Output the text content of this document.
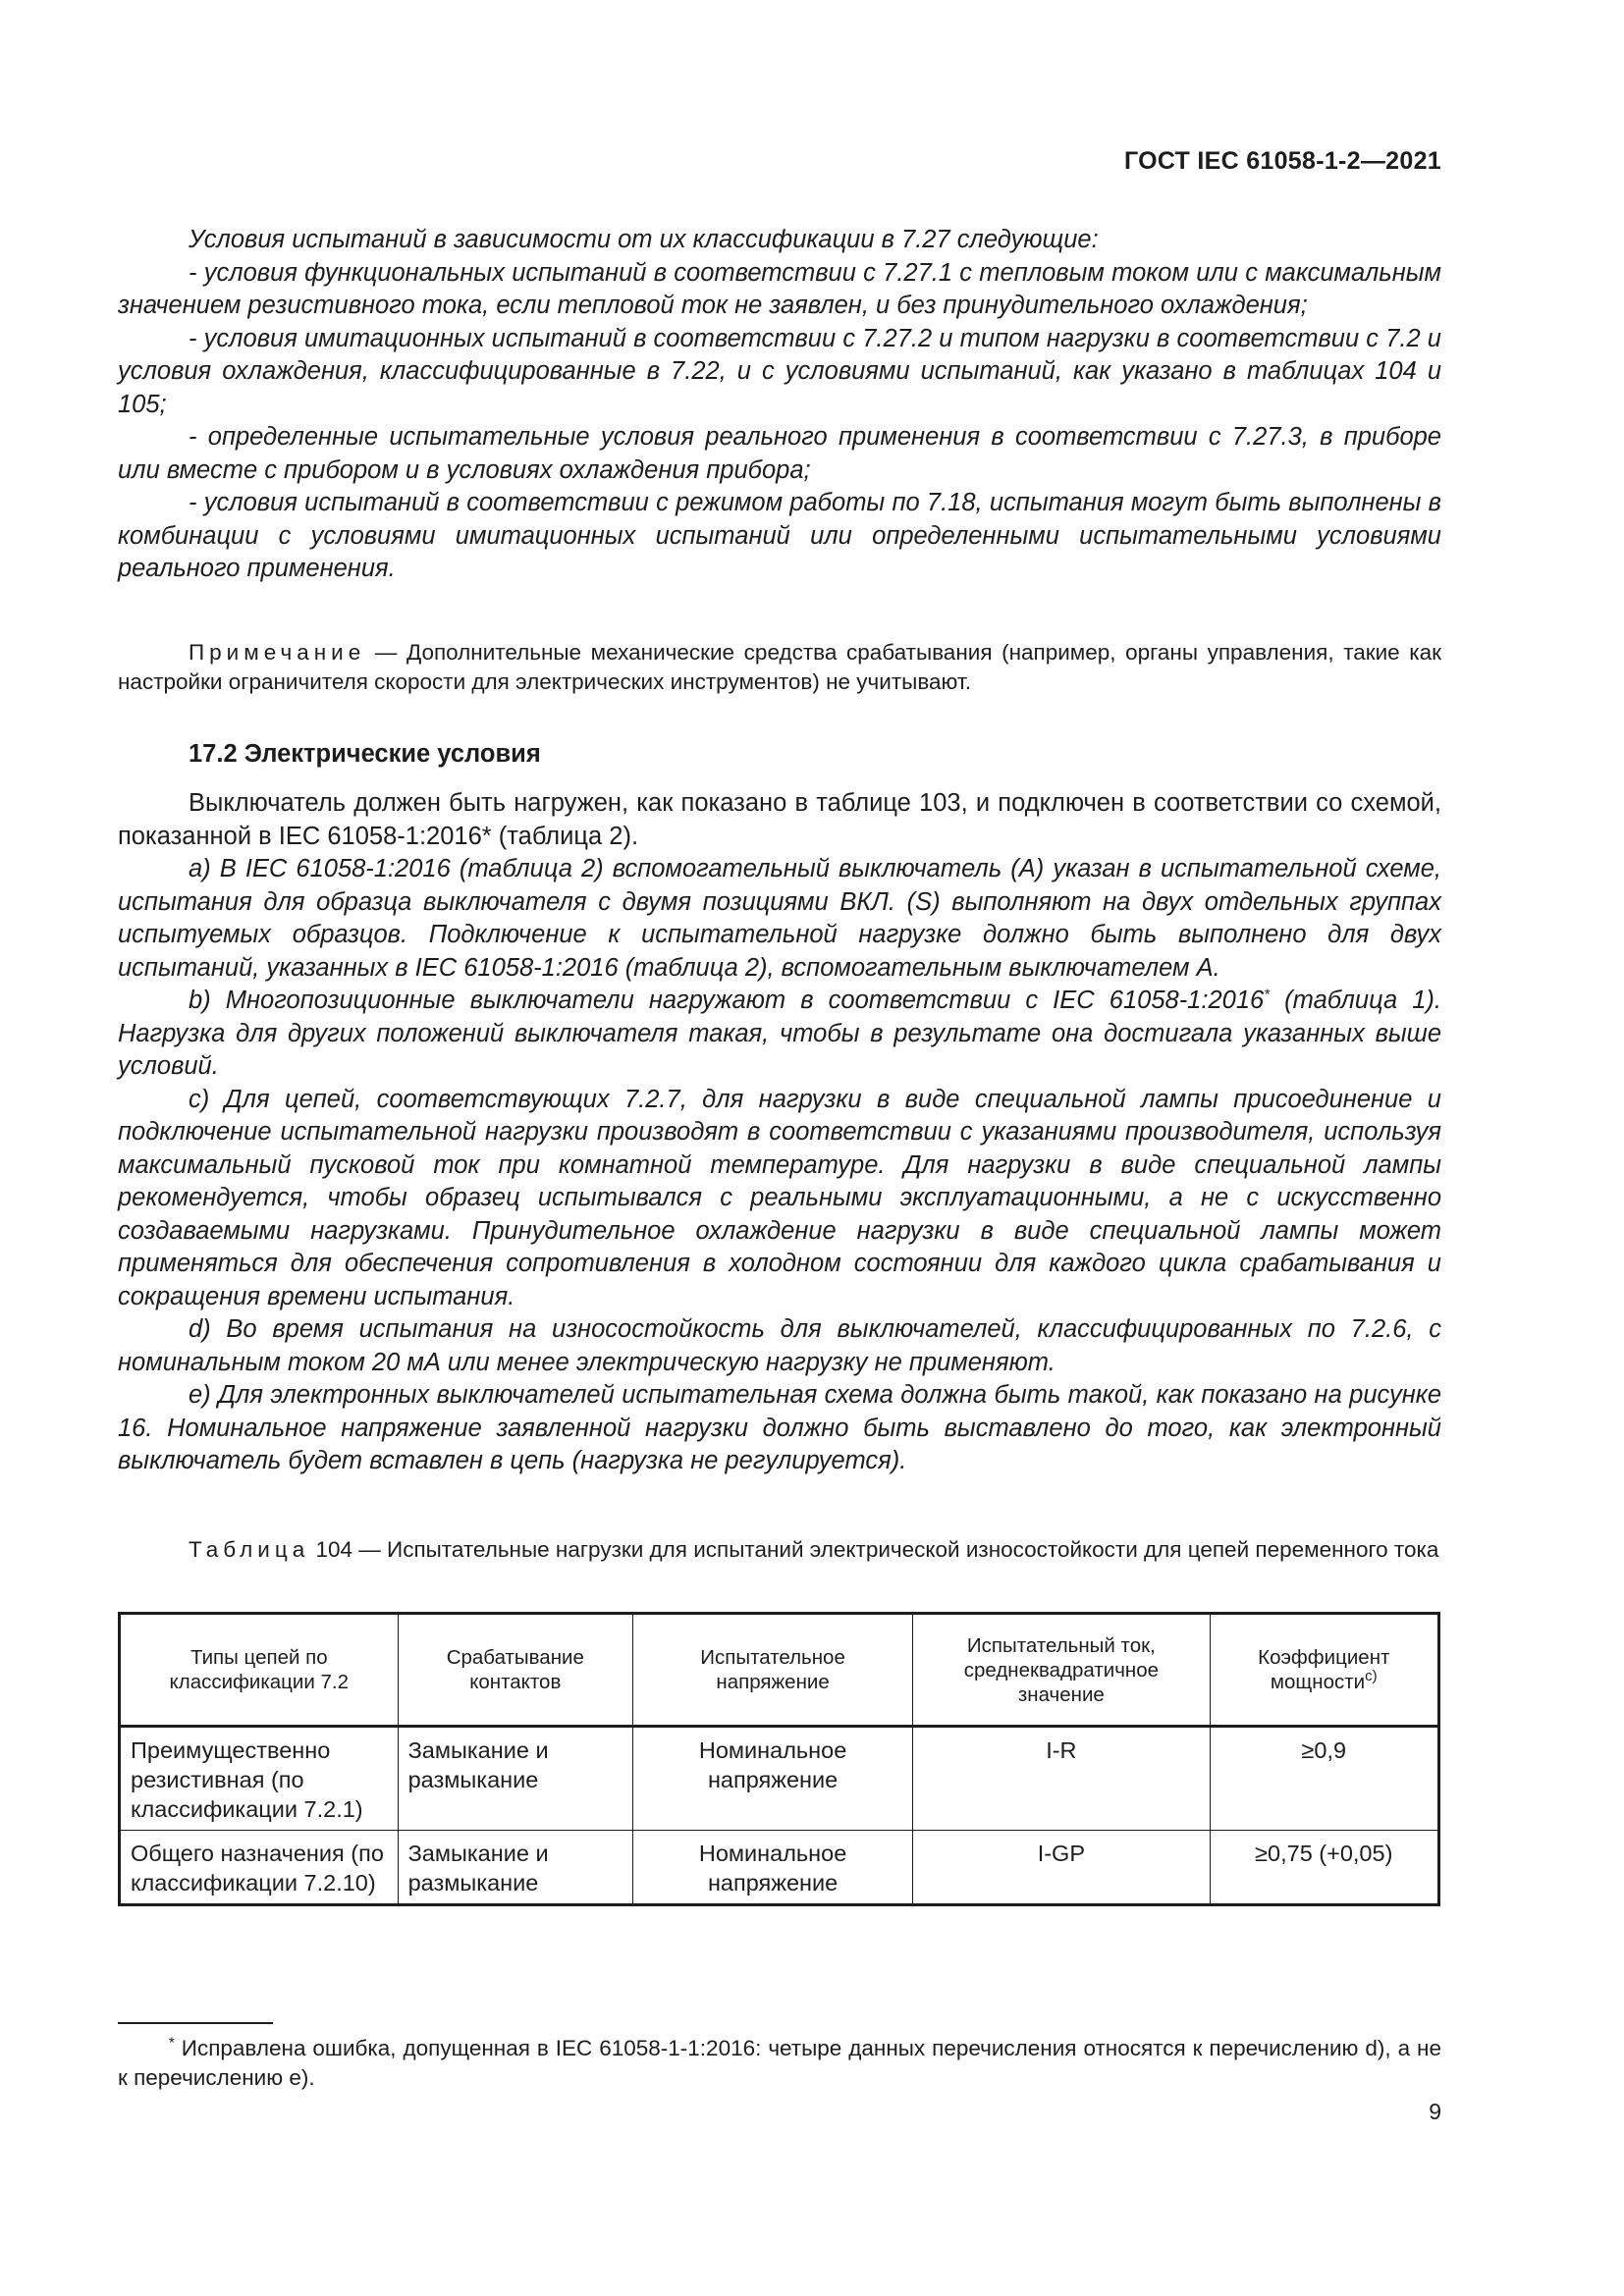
ГОСТ IEC 61058-1-2—2021

Условия испытаний в зависимости от их классификации в 7.27 следующие:

- условия функциональных испытаний в соответствии с 7.27.1 с тепловым током или с максимальным значением резистивного тока, если тепловой ток не заявлен, и без принудительного охлаждения;

- условия имитационных испытаний в соответствии с 7.27.2 и типом нагрузки в соответствии с 7.2 и условия охлаждения, классифицированные в 7.22, и с условиями испытаний, как указано в таблицах 104 и 105;

- определенные испытательные условия реального применения в соответствии с 7.27.3, в приборе или вместе с прибором и в условиях охлаждения прибора;

- условия испытаний в соответствии с режимом работы по 7.18, испытания могут быть выполнены в комбинации с условиями имитационных испытаний или определенными испытательными условиями реального применения.

Примечание — Дополнительные механические средства срабатывания (например, органы управления, такие как настройки ограничителя скорости для электрических инструментов) не учитывают.

17.2 Электрические условия

Выключатель должен быть нагружен, как показано в таблице 103, и подключен в соответствии со схемой, показанной в IEC 61058-1:2016* (таблица 2).

a) В IEC 61058-1:2016 (таблица 2) вспомогательный выключатель (А) указан в испытательной схеме, испытания для образца выключателя с двумя позициями ВКЛ. (S) выполняют на двух отдельных группах испытуемых образцов. Подключение к испытательной нагрузке должно быть выполнено для двух испытаний, указанных в IEC 61058-1:2016 (таблица 2), вспомогательным выключателем А.

b) Многопозиционные выключатели нагружают в соответствии с IEC 61058-1:2016* (таблица 1). Нагрузка для других положений выключателя такая, чтобы в результате она достигала указанных выше условий.

c) Для цепей, соответствующих 7.2.7, для нагрузки в виде специальной лампы присоединение и подключение испытательной нагрузки производят в соответствии с указаниями производителя, используя максимальный пусковой ток при комнатной температуре. Для нагрузки в виде специальной лампы рекомендуется, чтобы образец испытывался с реальными эксплуатационными, а не с искусственно создаваемыми нагрузками. Принудительное охлаждение нагрузки в виде специальной лампы может применяться для обеспечения сопротивления в холодном состоянии для каждого цикла срабатывания и сокращения времени испытания.

d) Во время испытания на износостойкость для выключателей, классифицированных по 7.2.6, с номинальным током 20 мА или менее электрическую нагрузку не применяют.

e) Для электронных выключателей испытательная схема должна быть такой, как показано на рисунке 16. Номинальное напряжение заявленной нагрузки должно быть выставлено до того, как электронный выключатель будет вставлен в цепь (нагрузка не регулируется).

Таблица 104 — Испытательные нагрузки для испытаний электрической износостойкости для цепей переменного тока

Типы цепей по классификации 7.2	Срабатывание контактов	Испытательное напряжение	Испытательный ток, среднеквадратичное значение	Коэффициент мощности$^{c)}$
Преимущественно резистивная (по классификации 7.2.1)	Замыкание и размыкание	Номинальное напряжение	I-R	≥0,9
Общего назначения (по классификации 7.2.10)	Замыкание и размыкание	Номинальное напряжение	I-GP	≥0,75 (+0,05)

* Исправлена ошибка, допущенная в IEC 61058-1-1:2016: четыре данных перечисления относятся к перечислению d), а не к перечислению e).

9
